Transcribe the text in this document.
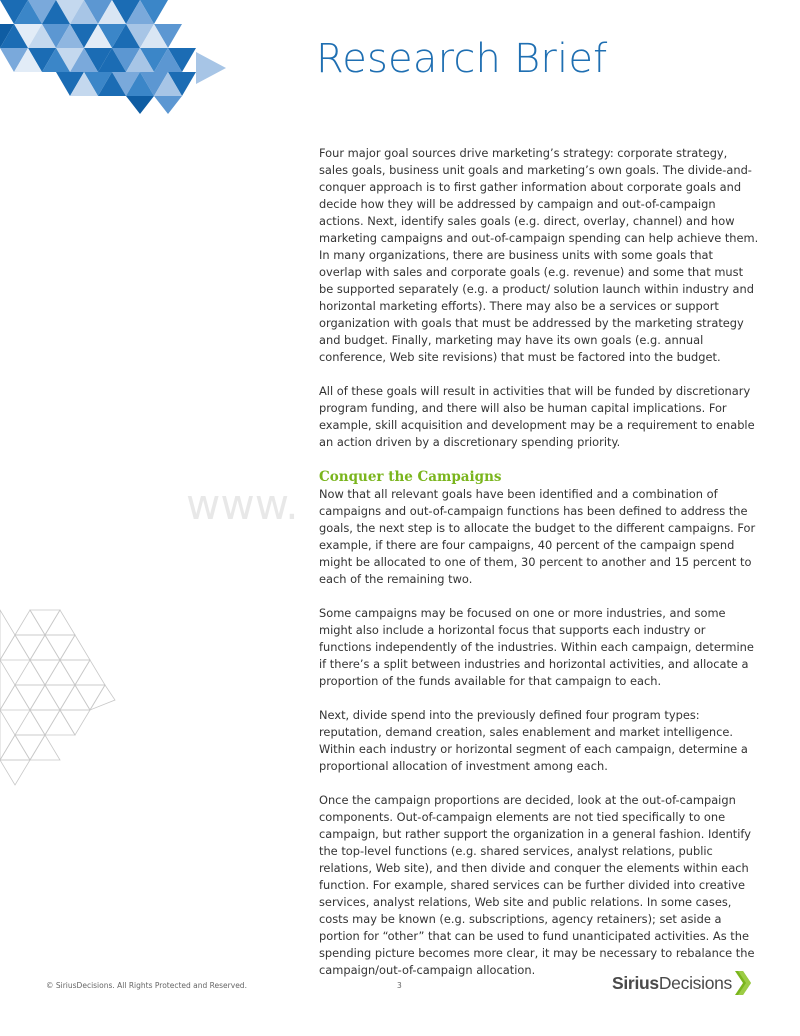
Research Brief
www.

Four major goal sources drive marketing’s strategy: corporate strategy, sales goals, business unit goals and marketing’s own goals. The divide-and-conquer approach is to first gather information about corporate goals and decide how they will be addressed by campaign and out-of-campaign actions. Next, identify sales goals (e.g. direct, overlay, channel) and how marketing campaigns and out-of-campaign spending can help achieve them. In many organizations, there are business units with some goals that overlap with sales and corporate goals (e.g. revenue) and some that must be supported separately (e.g. a product/ solution launch within industry and horizontal marketing efforts). There may also be a services or support organization with goals that must be addressed by the marketing strategy and budget. Finally, marketing may have its own goals (e.g. annual conference, Web site revisions) that must be factored into the budget.

All of these goals will result in activities that will be funded by discretionary program funding, and there will also be human capital implications. For example, skill acquisition and development may be a requirement to enable an action driven by a discretionary spending priority.

Conquer the Campaigns

Now that all relevant goals have been identified and a combination of campaigns and out-of-campaign functions has been defined to address the goals, the next step is to allocate the budget to the different campaigns. For example, if there are four campaigns, 40 percent of the campaign spend might be allocated to one of them, 30 percent to another and 15 percent to each of the remaining two.

Some campaigns may be focused on one or more industries, and some might also include a horizontal focus that supports each industry or functions independently of the industries. Within each campaign, determine if there’s a split between industries and horizontal activities, and allocate a proportion of the funds available for that campaign to each.

Next, divide spend into the previously defined four program types: reputation, demand creation, sales enablement and market intelligence. Within each industry or horizontal segment of each campaign, determine a proportional allocation of investment among each.

Once the campaign proportions are decided, look at the out-of-campaign components. Out-of-campaign elements are not tied specifically to one campaign, but rather support the organization in a general fashion. Identify the top-level functions (e.g. shared services, analyst relations, public relations, Web site), and then divide and conquer the elements within each function. For example, shared services can be further divided into creative services, analyst relations, Web site and public relations. In some cases, costs may be known (e.g. subscriptions, agency retainers); set aside a portion for “other” that can be used to fund unanticipated activities. As the spending picture becomes more clear, it may be necessary to rebalance the campaign/out-of-campaign allocation.

© SiriusDecisions. All Rights Protected and Reserved.	3	SiriusDecisions
